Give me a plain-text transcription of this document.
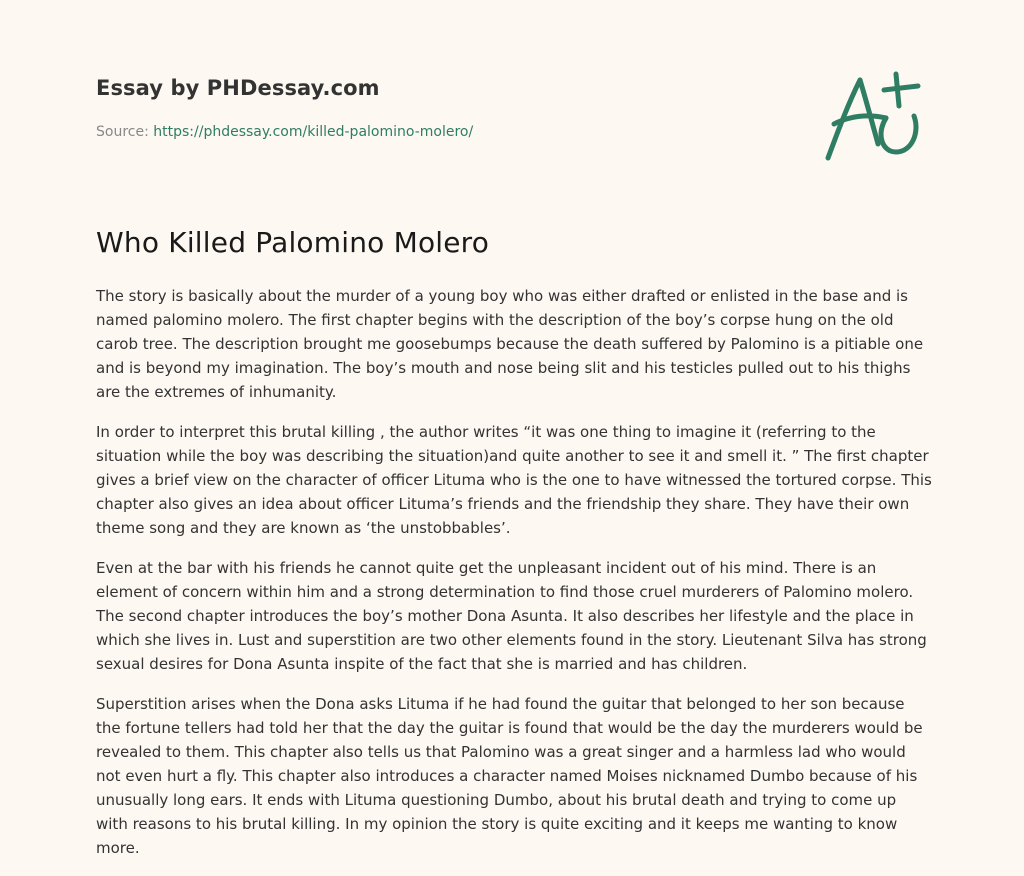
Essay by PHDessay.com
Source: https://phdessay.com/killed-palomino-molero/
Who Killed Palomino Molero

The story is basically about the murder of a young boy who was either drafted or enlisted in the base and is named palomino molero. The first chapter begins with the description of the boy’s corpse hung on the old carob tree. The description brought me goosebumps because the death suffered by Palomino is a pitiable one and is beyond my imagination. The boy’s mouth and nose being slit and his testicles pulled out to his thighs are the extremes of inhumanity.

In order to interpret this brutal killing , the author writes “it was one thing to imagine it (referring to the situation while the boy was describing the situation)and quite another to see it and smell it. ” The first chapter gives a brief view on the character of officer Lituma who is the one to have witnessed the tortured corpse. This chapter also gives an idea about officer Lituma’s friends and the friendship they share. They have their own theme song and they are known as ‘the unstobbables’.

Even at the bar with his friends he cannot quite get the unpleasant incident out of his mind. There is an element of concern within him and a strong determination to find those cruel murderers of Palomino molero. The second chapter introduces the boy’s mother Dona Asunta. It also describes her lifestyle and the place in which she lives in. Lust and superstition are two other elements found in the story. Lieutenant Silva has strong sexual desires for Dona Asunta inspite of the fact that she is married and has children.

Superstition arises when the Dona asks Lituma if he had found the guitar that belonged to her son because the fortune tellers had told her that the day the guitar is found that would be the day the murderers would be revealed to them. This chapter also tells us that Palomino was a great singer and a harmless lad who would not even hurt a fly. This chapter also introduces a character named Moises nicknamed Dumbo because of his unusually long ears. It ends with Lituma questioning Dumbo, about his brutal death and trying to come up with reasons to his brutal killing. In my opinion the story is quite exciting and it keeps me wanting to know more.
